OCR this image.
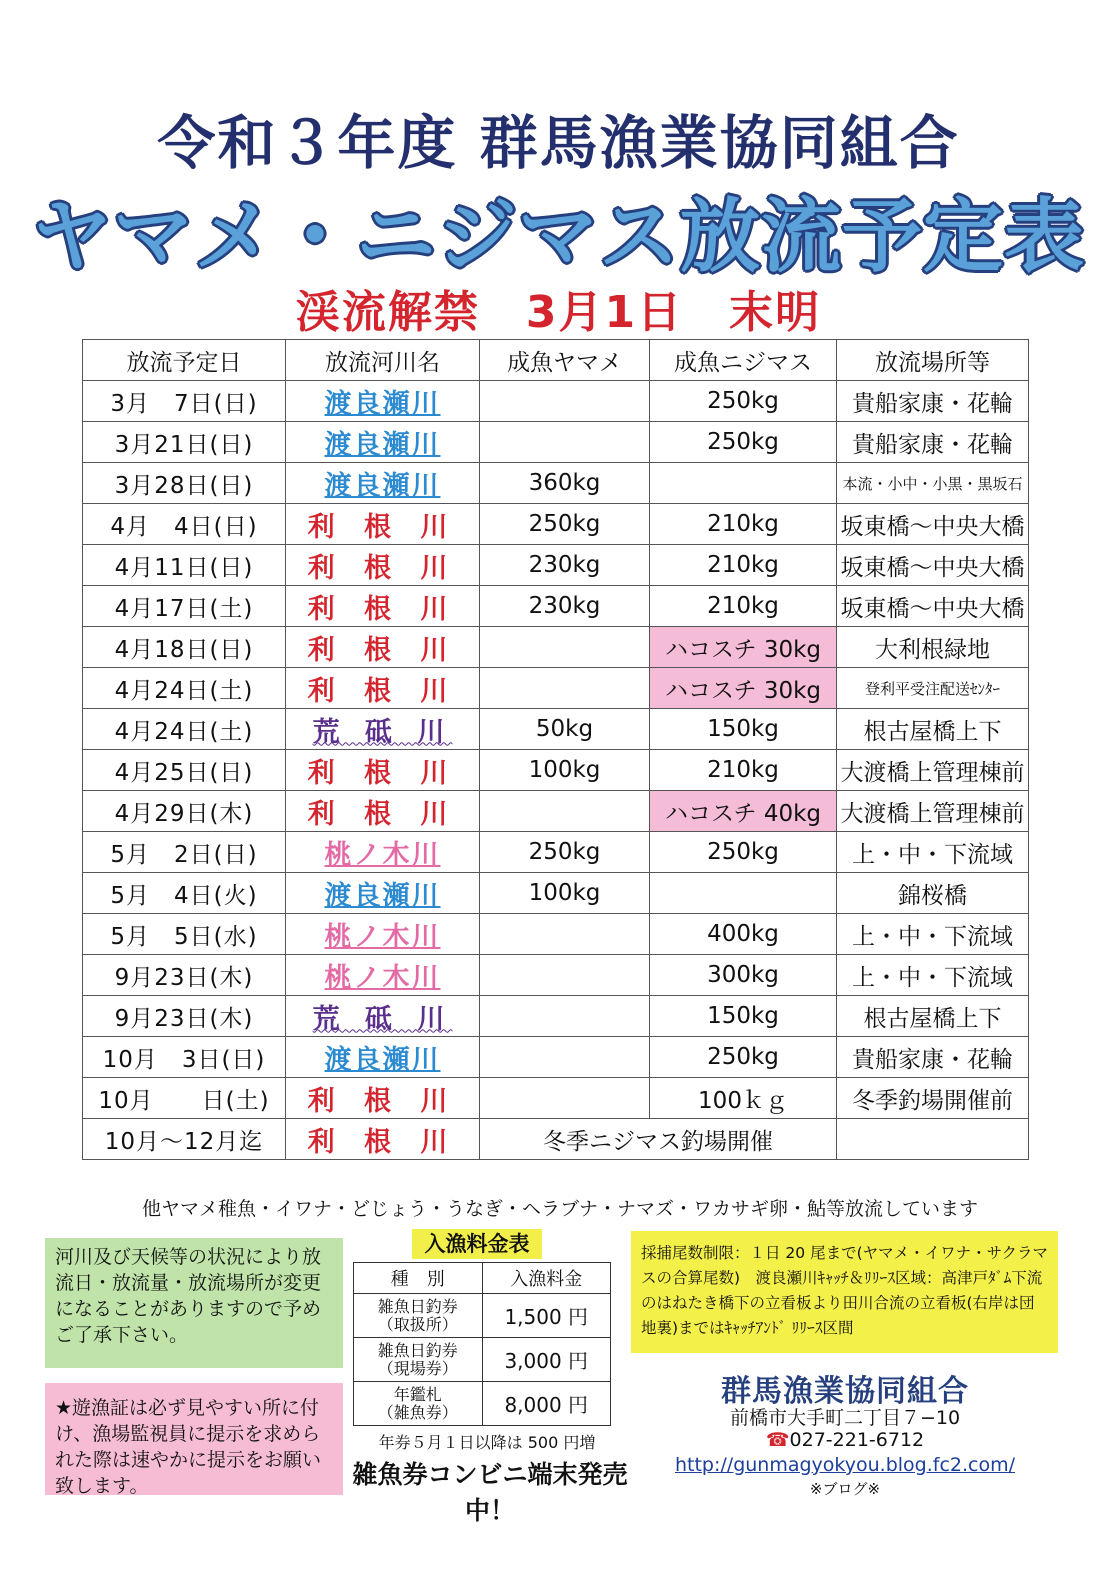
令和３年度 群馬漁業協同組合
ヤマメ・ニジマス放流予定表
渓流解禁　3月1日　末明
放流予定日	放流河川名	成魚ヤマメ	成魚ニジマス	放流場所等
3月　7日(日)	渡良瀬川		250kg	貴船家康・花輪
3月21日(日)	渡良瀬川		250kg	貴船家康・花輪
3月28日(日)	渡良瀬川	360kg		本流・小中・小黒・黒坂石
4月　4日(日)	利 根 川	250kg	210kg	坂東橋〜中央大橋
4月11日(日)	利 根 川	230kg	210kg	坂東橋〜中央大橋
4月17日(土)	利 根 川	230kg	210kg	坂東橋〜中央大橋
4月18日(日)	利 根 川		ハコスチ 30kg	大利根緑地
4月24日(土)	利 根 川		ハコスチ 30kg	登利平受注配送ｾﾝﾀｰ
4月24日(土)	荒 砥 川	50kg	150kg	根古屋橋上下
4月25日(日)	利 根 川	100kg	210kg	大渡橋上管理棟前
4月29日(木)	利 根 川		ハコスチ 40kg	大渡橋上管理棟前
5月　2日(日)	桃ノ木川	250kg	250kg	上・中・下流域
5月　4日(火)	渡良瀬川	100kg		錦桜橋
5月　5日(水)	桃ノ木川		400kg	上・中・下流域
9月23日(木)	桃ノ木川		300kg	上・中・下流域
9月23日(木)	荒 砥 川		150kg	根古屋橋上下
10月　3日(日)	渡良瀬川		250kg	貴船家康・花輪
10月　　日(土)	利 根 川		100ｋｇ	冬季釣場開催前
10月〜12月迄	利 根 川	冬季ニジマス釣場開催		
他ヤマメ稚魚・イワナ・どじょう・うなぎ・ヘラブナ・ナマズ・ワカサギ卵・鮎等放流しています
河川及び天候等の状況により放流日・放流量・放流場所が変更になることがありますので予めご了承下さい。
★遊漁証は必ず見やすい所に付け、漁場監視員に提示を求められた際は速やかに提示をお願い致します。
入漁料金表
種　別	入漁料金
雑魚日釣券
（取扱所）	1,500 円
雑魚日釣券
（現場券）	3,000 円
年鑑札
（雑魚券）	8,000 円
年券５月１日以降は 500 円増
雑魚券コンビニ端末発売中！
採捕尾数制限：１日 20 尾まで(ヤマメ・イワナ・サクラマスの合算尾数)　渡良瀬川ｷｬｯﾁ＆ﾘﾘｰｽ区域：高津戸ﾀﾞﾑ下流のはねたき橋下の立看板より田川合流の立看板(右岸は団地裏)まではｷｬｯﾁｱﾝﾄﾞ ﾘﾘｰｽ区間
群馬漁業協同組合
前橋市大手町二丁目７−10
☎027-221-6712
http://gunmagyokyou.blog.fc2.com/
※ブログ※
